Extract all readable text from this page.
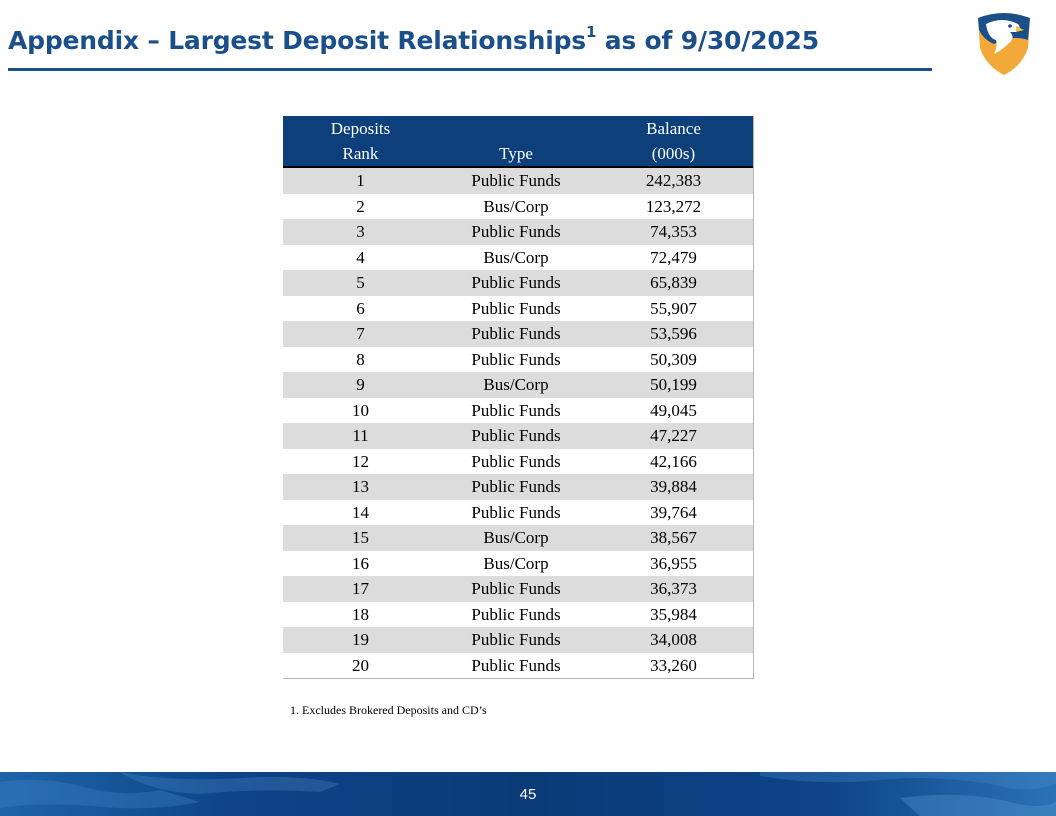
Appendix – Largest Deposit Relationships$^1$ as of 9/30/2025
Deposits		Balance
Rank	Type	(000s)
1	Public Funds	242,383
2	Bus/Corp	123,272
3	Public Funds	74,353
4	Bus/Corp	72,479
5	Public Funds	65,839
6	Public Funds	55,907
7	Public Funds	53,596
8	Public Funds	50,309
9	Bus/Corp	50,199
10	Public Funds	49,045
11	Public Funds	47,227
12	Public Funds	42,166
13	Public Funds	39,884
14	Public Funds	39,764
15	Bus/Corp	38,567
16	Bus/Corp	36,955
17	Public Funds	36,373
18	Public Funds	35,984
19	Public Funds	34,008
20	Public Funds	33,260
1. Excludes Brokered Deposits and CD’s
45
